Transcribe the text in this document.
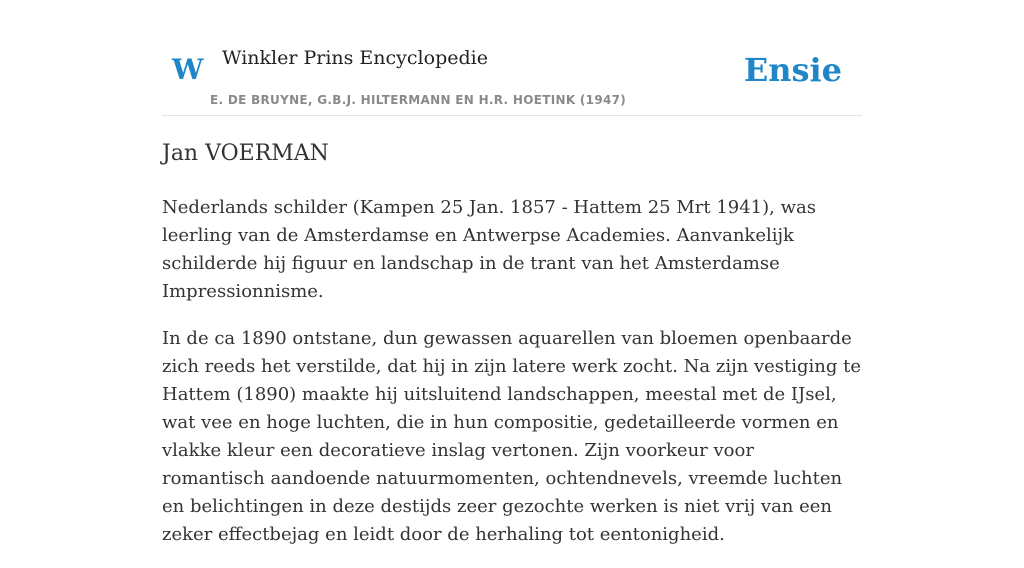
W Winkler Prins Encyclopedie
E. DE BRUYNE, G.B.J. HILTERMANN EN H.R. HOETINK (1947)
Ensie
Jan VOERMAN

Nederlands schilder (Kampen 25 Jan. 1857 - Hattem 25 Mrt 1941), was leerling van de Amsterdamse en Antwerpse Academies. Aanvankelijk schilderde hij figuur en landschap in de trant van het Amsterdamse Impressionnisme.

In de ca 1890 ontstane, dun gewassen aquarellen van bloemen openbaarde zich reeds het verstilde, dat hij in zijn latere werk zocht. Na zijn vestiging te Hattem (1890) maakte hij uitsluitend landschappen, meestal met de IJsel, wat vee en hoge luchten, die in hun compositie, gedetailleerde vormen en vlakke kleur een decoratieve inslag vertonen. Zijn voorkeur voor romantisch aandoende natuurmomenten, ochtendnevels, vreemde luchten en belichtingen in deze destijds zeer gezochte werken is niet vrij van een zeker effectbejag en leidt door de herhaling tot eentonigheid.
